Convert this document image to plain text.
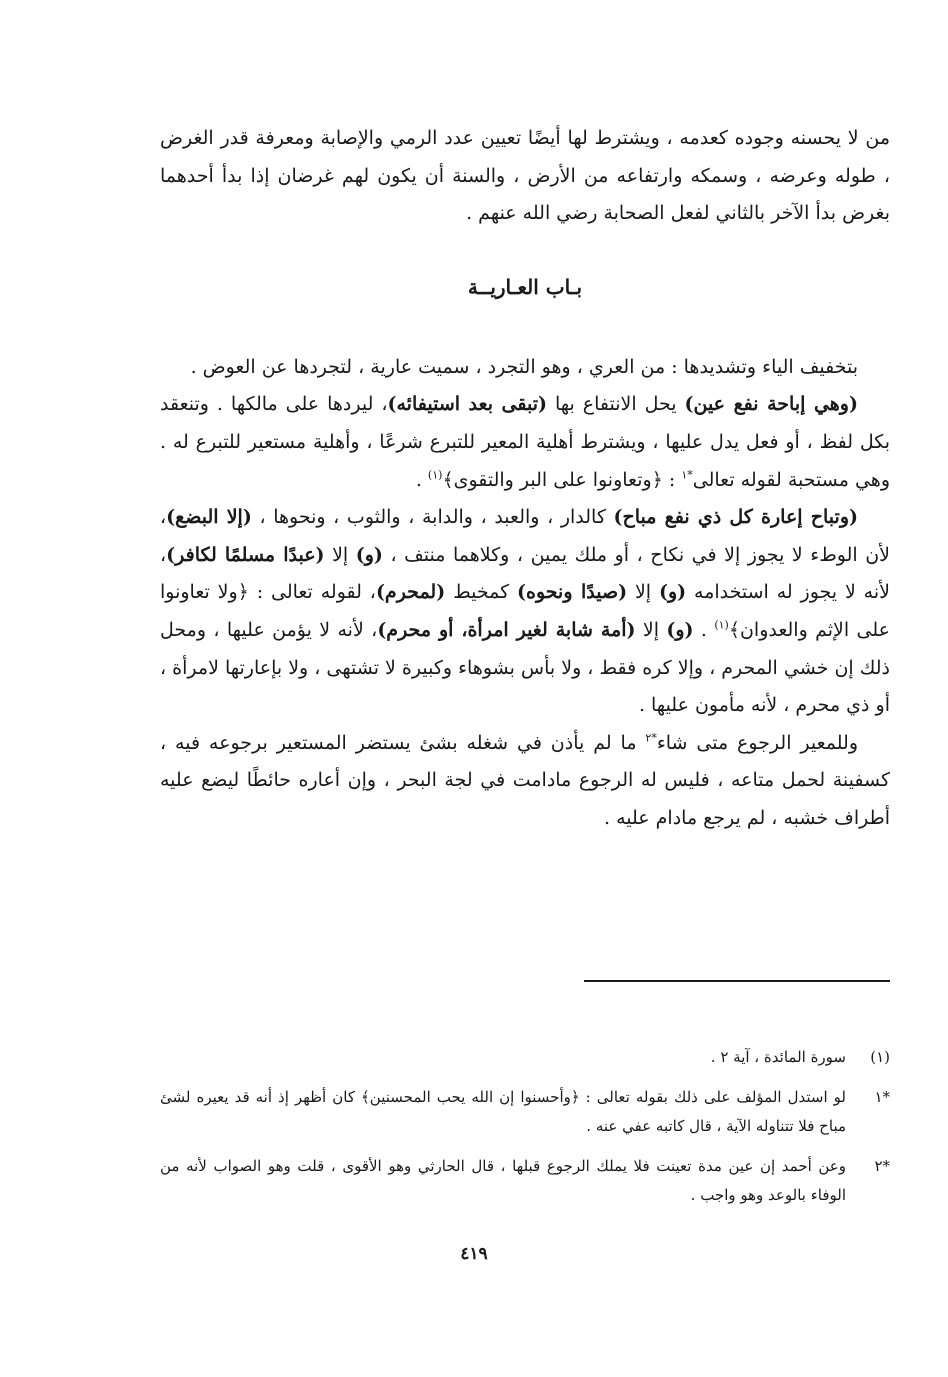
من لا يحسنه وجوده كعدمه ، ويشترط لها أيضًا تعيين عدد الرمي والإصابة ومعرفة قدر الغرض ، طوله وعرضه ، وسمكه وارتفاعه من الأرض ، والسنة أن يكون لهم غرضان إذا بدأ أحدهما بغرض بدأ الآخر بالثاني لفعل الصحابة رضي الله عنهم .

بـاب العـاريــة

بتخفيف الياء وتشديدها : من العري ، وهو التجرد ، سميت عارية ، لتجردها عن العوض .

(وهي إباحة نفع عين) يحل الانتفاع بها (تبقى بعد استيفائه)، ليردها على مالكها . وتنعقد بكل لفظ ، أو فعل يدل عليها ، ويشترط أهلية المعير للتبرع شرعًا ، وأهلية مستعير للتبرع له . وهي مستحبة لقوله تعالى$^{*١}$ : ﴿وتعاونوا على البر والتقوى﴾$^{(١)}$ .

(وتباح إعارة كل ذي نفع مباح) كالدار ، والعبد ، والدابة ، والثوب ، ونحوها ، (إلا البضع)، لأن الوطء لا يجوز إلا في نكاح ، أو ملك يمين ، وكلاهما منتف ، (و) إلا (عبدًا مسلمًا لكافر)، لأنه لا يجوز له استخدامه (و) إلا (صيدًا ونحوه) كمخيط (لمحرم)، لقوله تعالى : ﴿ولا تعاونوا على الإثم والعدوان﴾$^{(١)}$ . (و) إلا (أمة شابة لغير امرأة، أو محرم)، لأنه لا يؤمن عليها ، ومحل ذلك إن خشي المحرم ، وإلا كره فقط ، ولا بأس بشوهاء وكبيرة لا تشتهى ، ولا بإعارتها لامرأة ، أو ذي محرم ، لأنه مأمون عليها .

وللمعير الرجوع متى شاء$^{*٢}$ ما لم يأذن في شغله بشئ يستضر المستعير برجوعه فيه ، كسفينة لحمل متاعه ، فليس له الرجوع مادامت في لجة البحر ، وإن أعاره حائطًا ليضع عليه أطراف خشبه ، لم يرجع مادام عليه .

(١)
سورة المائدة ، آية ٢ .
*١
لو استدل المؤلف على ذلك بقوله تعالى : ﴿وأحسنوا إن الله يحب المحسنين﴾ كان أظهر إذ أنه قد يعيره لشئ مباح فلا تتناوله الآية ، قال كاتبه عفي عنه .
*٢
وعن أحمد إن عين مدة تعينت فلا يملك الرجوع قبلها ، قال الحارثي وهو الأقوى ، قلت وهو الصواب لأنه من الوفاء بالوعد وهو واجب .
٤١٩
